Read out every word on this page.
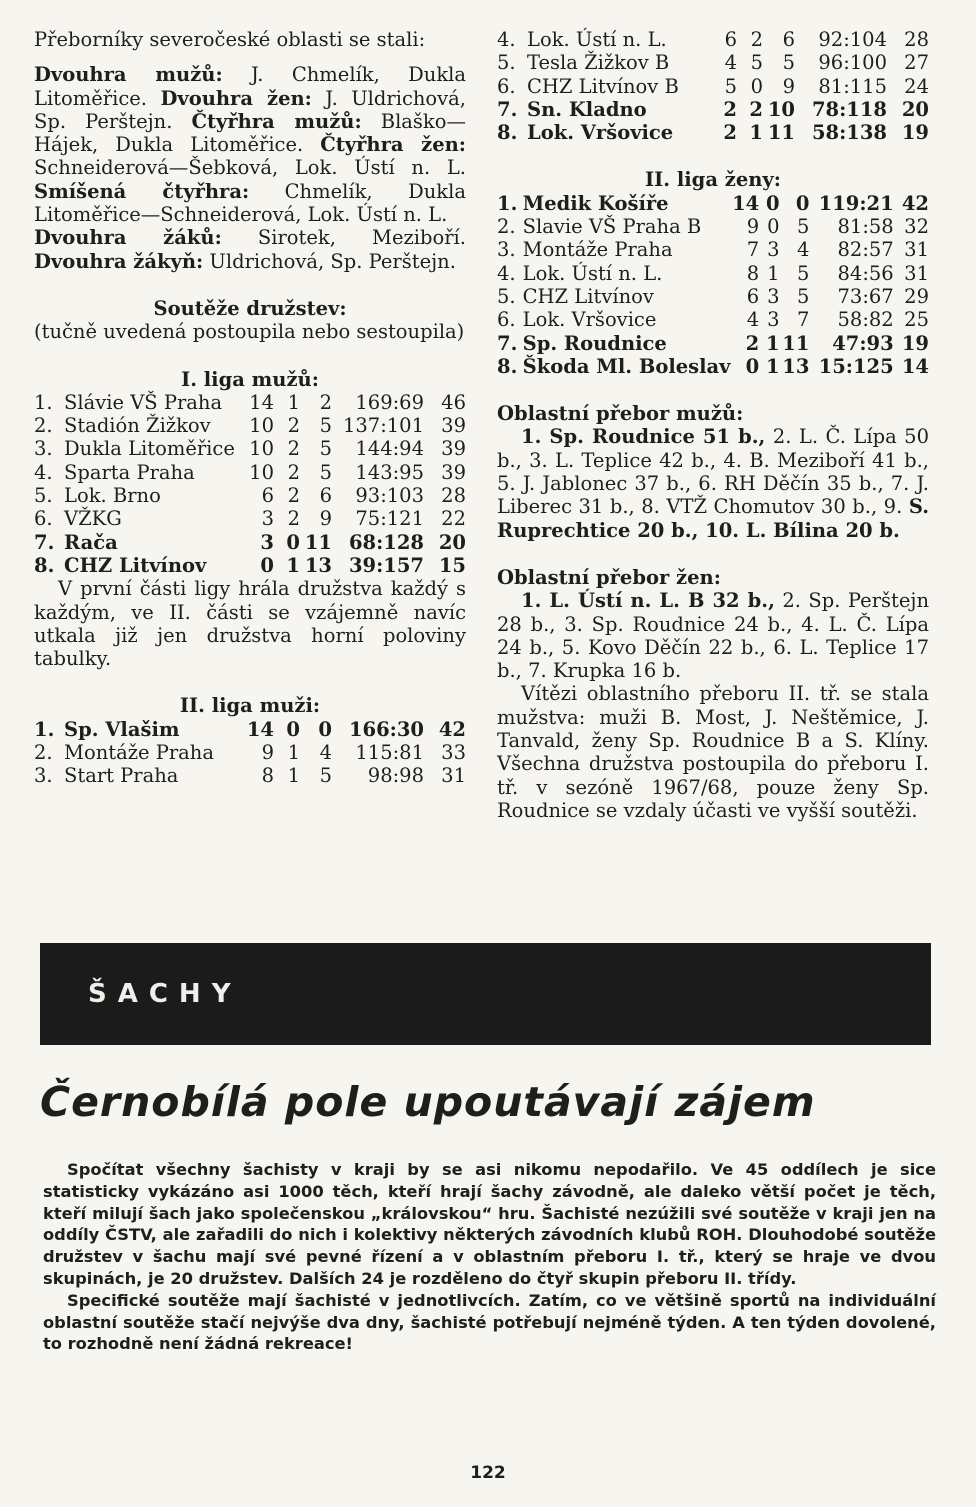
Přeborníky severočeské oblasti se stali:
Dvouhra mužů: J. Chmelík, Dukla Litoměřice. Dvouhra žen: J. Uldrichová, Sp. Perštejn. Čtyřhra mužů: Blaško—Hájek, Dukla Litoměřice. Čtyřhra žen: Schneiderová—Šebková, Lok. Ústí n. L. Smíšená čtyřhra: Chmelík, Dukla Litoměřice—Schneiderová, Lok. Ústí n. L.
Dvouhra žáků: Sirotek, Meziboří. Dvouhra žákyň: Uldrichová, Sp. Perštejn.
Soutěže družstev:
(tučně uvedená postoupila nebo sestoupila)
I. liga mužů:
1.	Slávie VŠ Praha	14	1	2	169:69	46
2.	Stadión Žižkov	10	2	5	137:101	39
3.	Dukla Litoměřice	10	2	5	144:94	39
4.	Sparta Praha	10	2	5	143:95	39
5.	Lok. Brno	6	2	6	93:103	28
6.	VŽKG	3	2	9	75:121	22
7.	Rača	3	0	11	68:128	20
8.	CHZ Litvínov	0	1	13	39:157	15
V první části ligy hrála družstva každý s každým, ve II. části se vzájemně navíc utkala již jen družstva horní poloviny tabulky.
II. liga muži:
1.	Sp. Vlašim	14	0	0	166:30	42
2.	Montáže Praha	9	1	4	115:81	33
3.	Start Praha	8	1	5	98:98	31
4.	Lok. Ústí n. L.	6	2	6	92:104	28
5.	Tesla Žižkov B	4	5	5	96:100	27
6.	CHZ Litvínov B	5	0	9	81:115	24
7.	Sn. Kladno	2	2	10	78:118	20
8.	Lok. Vršovice	2	1	11	58:138	19
II. liga ženy:
1.	Medik Košíře	14	0	0	119:21	42
2.	Slavie VŠ Praha B	9	0	5	81:58	32
3.	Montáže Praha	7	3	4	82:57	31
4.	Lok. Ústí n. L.	8	1	5	84:56	31
5.	CHZ Litvínov	6	3	5	73:67	29
6.	Lok. Vršovice	4	3	7	58:82	25
7.	Sp. Roudnice	2	1	11	47:93	19
8.	Škoda Ml. Boleslav	0	1	13	15:125	14
Oblastní přebor mužů:
1. Sp. Roudnice 51 b., 2. L. Č. Lípa 50 b., 3. L. Teplice 42 b., 4. B. Meziboří 41 b., 5. J. Jablonec 37 b., 6. RH Děčín 35 b., 7. J. Liberec 31 b., 8. VTŽ Chomutov 30 b., 9. S. Ruprechtice 20 b., 10. L. Bílina 20 b.
Oblastní přebor žen:
1. L. Ústí n. L. B 32 b., 2. Sp. Perštejn 28 b., 3. Sp. Roudnice 24 b., 4. L. Č. Lípa 24 b., 5. Kovo Děčín 22 b., 6. L. Teplice 17 b., 7. Krupka 16 b.
Vítězi oblastního přeboru II. tř. se stala mužstva: muži B. Most, J. Neštěmice, J. Tanvald, ženy Sp. Roudnice B a S. Klíny. Všechna družstva postoupila do přeboru I. tř. v sezóně 1967/68, pouze ženy Sp. Roudnice se vzdaly účasti ve vyšší soutěži.
ŠACHY
Černobílá pole upoutávají zájem

Spočítat všechny šachisty v kraji by se asi nikomu nepodařilo. Ve 45 oddílech je sice statisticky vykázáno asi 1000 těch, kteří hrají šachy závodně, ale daleko větší počet je těch, kteří milují šach jako společenskou „královskou“ hru. Šachisté nezúžili své soutěže v kraji jen na oddíly ČSTV, ale zařadili do nich i kolektivy některých závodních klubů ROH. Dlouhodobé soutěže družstev v šachu mají své pevné řízení a v oblastním přeboru I. tř., který se hraje ve dvou skupinách, je 20 družstev. Dalších 24 je rozděleno do čtyř skupin přeboru II. třídy.

Specifické soutěže mají šachisté v jednotlivcích. Zatím, co ve většině sportů na individuální oblastní soutěže stačí nejvýše dva dny, šachisté potřebují nejméně týden. A ten týden dovolené, to rozhodně není žádná rekreace!

122
